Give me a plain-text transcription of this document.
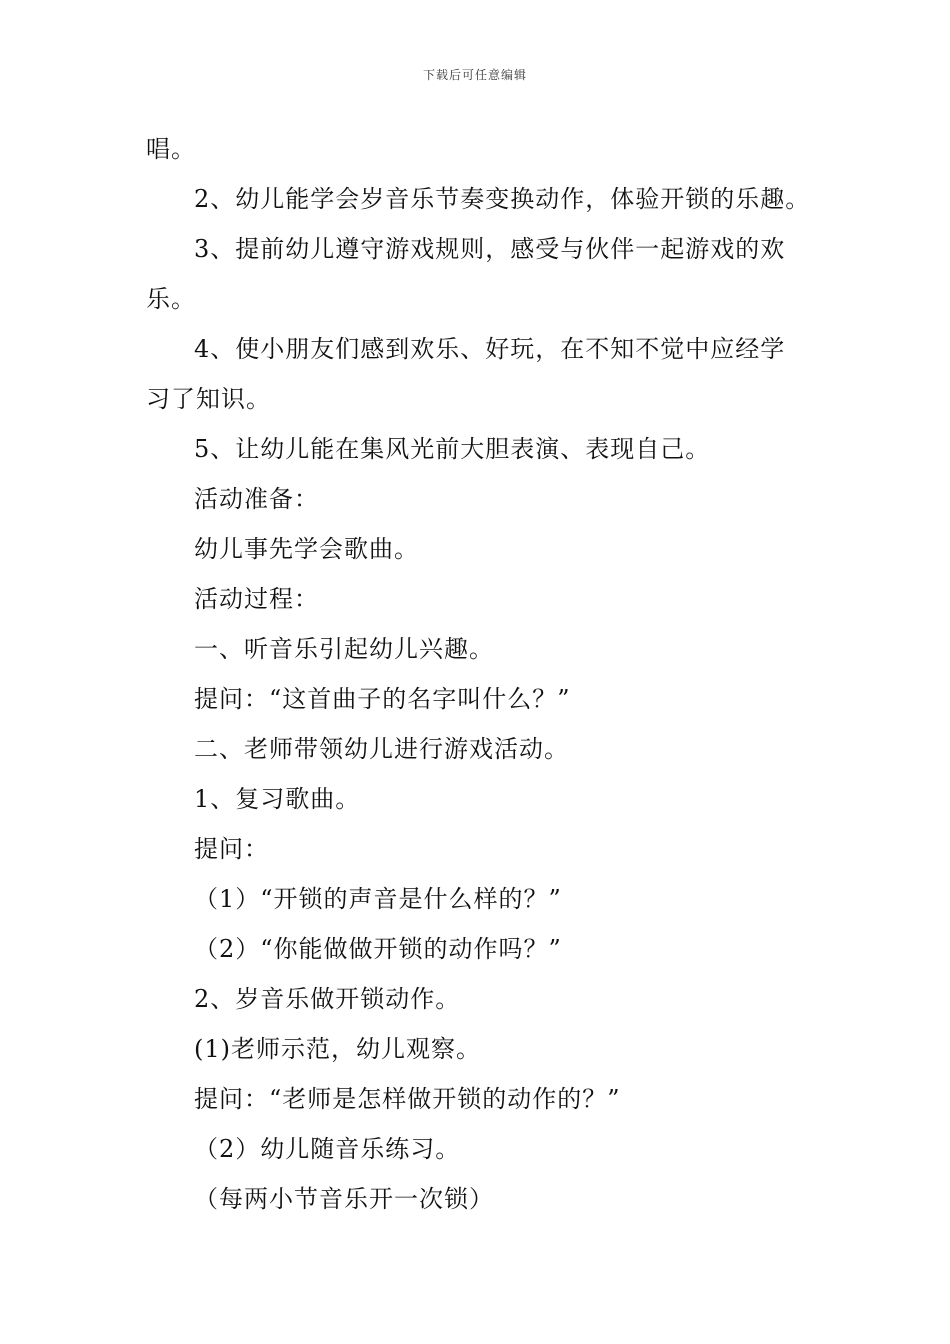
下载后可任意编辑
唱。
2、幼儿能学会岁音乐节奏变换动作，体验开锁的乐趣。
3、提前幼儿遵守游戏规则，感受与伙伴一起游戏的欢
乐。
4、使小朋友们感到欢乐、好玩，在不知不觉中应经学
习了知识。
5、让幼儿能在集风光前大胆表演、表现自己。
活动准备：
幼儿事先学会歌曲。
活动过程：
一、听音乐引起幼儿兴趣。
提问：“这首曲子的名字叫什么？”
二、老师带领幼儿进行游戏活动。
1、复习歌曲。
提问：
（1）“开锁的声音是什么样的？”
（2）“你能做做开锁的动作吗？”
2、岁音乐做开锁动作。
(1)老师示范，幼儿观察。
提问：“老师是怎样做开锁的动作的？”
（2）幼儿随音乐练习。
（每两小节音乐开一次锁）
